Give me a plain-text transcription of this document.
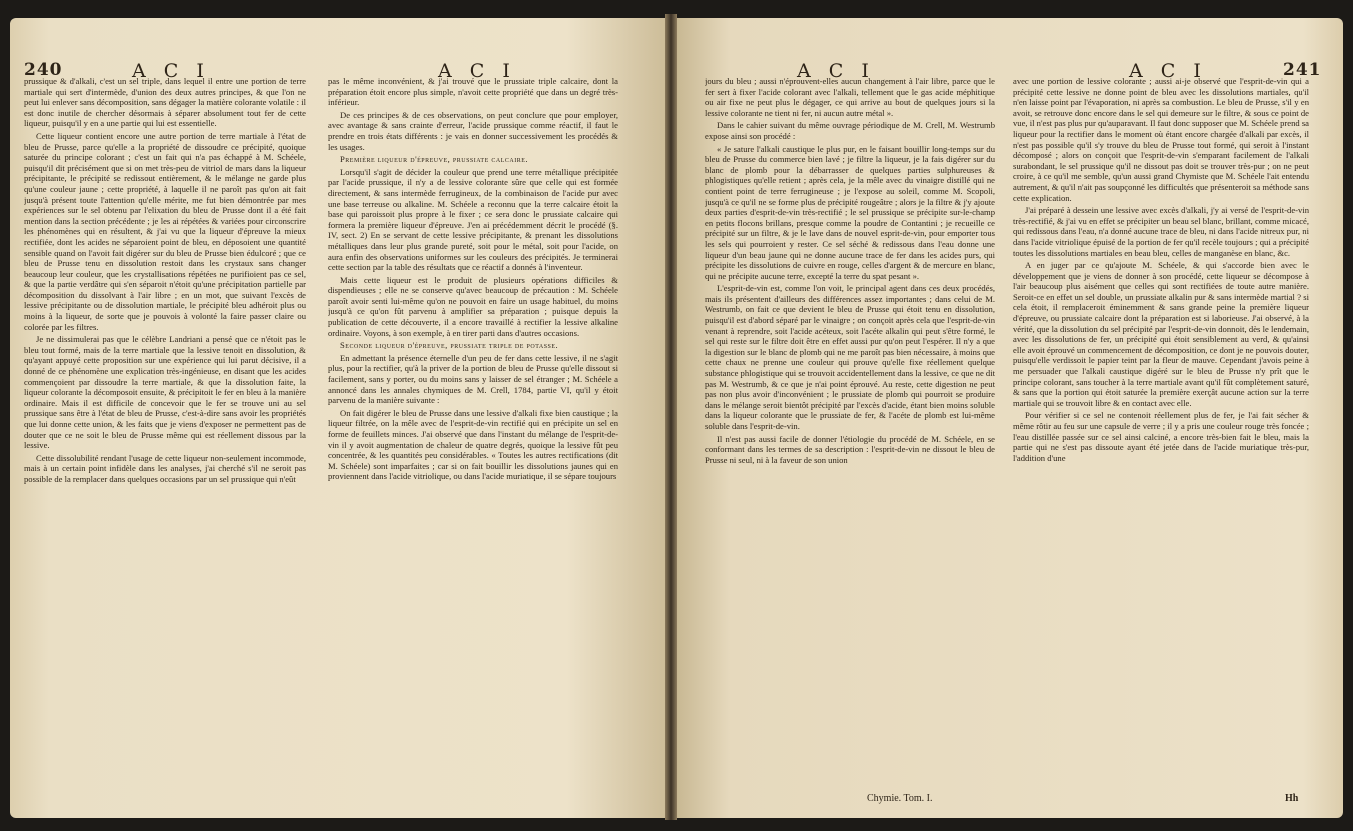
240	A C I	A C I

prussique & d'alkali, c'est un sel triple, dans lequel il entre une portion de terre martiale qui sert d'intermède, d'union des deux autres principes, & que l'on ne peut lui enlever sans décomposition, sans dégager la matière colorante volatile : il est donc inutile de chercher désormais à séparer absolument tout fer de cette liqueur, puisqu'il y en a une partie qui lui est essentielle.

Cette liqueur contient encore une autre portion de terre martiale à l'état de bleu de Prusse, parce qu'elle a la propriété de dissoudre ce précipité, quoique saturée du principe colorant ; c'est un fait qui n'a pas échappé à M. Schéele, puisqu'il dit précisément que si on met très-peu de vitriol de mars dans la liqueur précipitante, le précipité se redissout entièrement, & le mélange ne garde plus qu'une couleur jaune ; cette propriété, à laquelle il ne paroît pas qu'on ait fait jusqu'à présent toute l'attention qu'elle mérite, me fut bien démontrée par mes expériences sur le sel obtenu par l'elixation du bleu de Prusse dont il a été fait mention dans la section précédente ; je les ai répétées & variées pour circonscrire les phénomènes qui en résultent, & j'ai vu que la liqueur d'épreuve la mieux rectifiée, dont les acides ne séparoient point de bleu, en déposoient une quantité sensible quand on l'avoit fait digérer sur du bleu de Prusse bien édulcoré ; que ce bleu de Prusse tenu en dissolution restoit dans les crystaux sans changer beaucoup leur couleur, que les crystallisations répétées ne purifioient pas ce sel, & que la partie verdâtre qui s'en séparoit n'étoit qu'une précipitation partielle par décomposition du dissolvant à l'air libre ; en un mot, que suivant l'excès de lessive précipitante ou de dissolution martiale, le précipité bleu adhéroit plus ou moins à la liqueur, de sorte que je pouvois à volonté la faire passer claire ou colorée par les filtres.

Je ne dissimulerai pas que le célèbre Landriani a pensé que ce n'étoit pas le bleu tout formé, mais de la terre martiale que la lessive tenoit en dissolution, & qu'ayant appuyé cette proposition sur une expérience qui lui parut décisive, il a donné de ce phénomène une explication très-ingénieuse, en disant que les acides commençoient par dissoudre la terre martiale, & que la dissolution faite, la liqueur colorante la décomposoit ensuite, & précipitoit le fer en bleu à la manière ordinaire. Mais il est difficile de concevoir que le fer se trouve uni au sel prussique sans être à l'état de bleu de Prusse, c'est-à-dire sans avoir les propriétés que lui donne cette union, & les faits que je viens d'exposer ne permettent pas de douter que ce ne soit le bleu de Prusse même qui est réellement dissous par la lessive.

Cette dissolubilité rendant l'usage de cette liqueur non-seulement incommode, mais à un certain point infidèle dans les analyses, j'ai cherché s'il ne seroit pas possible de la remplacer dans quelques occasions par un sel prussique qui n'eût

pas le même inconvénient, & j'ai trouvé que le prussiate triple calcaire, dont la préparation étoit encore plus simple, n'avoit cette propriété que dans un degré très-inférieur.

De ces principes & de ces observations, on peut conclure que pour employer, avec avantage & sans crainte d'erreur, l'acide prussique comme réactif, il faut le prendre en trois états différents : je vais en donner successivement les procédés & les usages.

Première liqueur d'épreuve, prussiate calcaire.

Lorsqu'il s'agit de décider la couleur que prend une terre métallique précipitée par l'acide prussique, il n'y a de lessive colorante sûre que celle qui est formée directement, & sans intermède ferrugineux, de la combinaison de l'acide pur avec une base terreuse ou alkaline. M. Schéele a reconnu que la terre calcaire étoit la base qui paroissoit plus propre à le fixer ; ce sera donc le prussiate calcaire qui formera la première liqueur d'épreuve. J'en ai précédemment décrit le procédé (§. IV, sect. 2) En se servant de cette lessive précipitante, & prenant les dissolutions métalliques dans leur plus grande pureté, soit pour le métal, soit pour l'acide, on aura enfin des observations uniformes sur les couleurs des précipités. Je terminerai cette section par la table des résultats que ce réactif a donnés à l'inventeur.

Mais cette liqueur est le produit de plusieurs opérations difficiles & dispendieuses ; elle ne se conserve qu'avec beaucoup de précaution : M. Schéele paroît avoir senti lui-même qu'on ne pouvoit en faire un usage habituel, du moins jusqu'à ce qu'on fût parvenu à amplifier sa préparation ; puisque depuis la publication de cette découverte, il a encore travaillé à rectifier la lessive alkaline ordinaire. Voyons, à son exemple, à en tirer parti dans d'autres occasions.

Seconde liqueur d'épreuve, prussiate triple de potasse.

En admettant la présence éternelle d'un peu de fer dans cette lessive, il ne s'agit plus, pour la rectifier, qu'à la priver de la portion de bleu de Prusse qu'elle dissout si facilement, sans y porter, ou du moins sans y laisser de sel étranger ; M. Schéele a annoncé dans les annales chymiques de M. Crell, 1784, partie VI, qu'il y étoit parvenu de la manière suivante :

On fait digérer le bleu de Prusse dans une lessive d'alkali fixe bien caustique ; la liqueur filtrée, on la mêle avec de l'esprit-de-vin rectifié qui en précipite un sel en forme de feuillets minces. J'ai observé que dans l'instant du mélange de l'esprit-de-vin il y avoit augmentation de chaleur de quatre degrés, quoique la lessive fût peu concentrée, & les quantités peu considérables. « Toutes les autres rectifications (dit M. Schéele) sont imparfaites ; car si on fait bouillir les dissolutions jaunes qui en proviennent dans l'acide vitriolique, ou dans l'acide muriatique, il se sépare toujours

A C I	A C I	241

jours du bleu ; aussi n'éprouvent-elles aucun changement à l'air libre, parce que le fer sert à fixer l'acide colorant avec l'alkali, tellement que le gas acide méphitique ou air fixe ne peut plus le dégager, ce qui arrive au bout de quelques jours si la lessive colorante ne tient ni fer, ni aucun autre métal ».

Dans le cahier suivant du même ouvrage périodique de M. Crell, M. Westrumb expose ainsi son procédé :

« Je sature l'alkali caustique le plus pur, en le faisant bouillir long-temps sur du bleu de Prusse du commerce bien lavé ; je filtre la liqueur, je la fais digérer sur du blanc de plomb pour la débarrasser de quelques parties sulphureuses & phlogistiques qu'elle retient ; après cela, je la mêle avec du vinaigre distillé qui ne contient point de terre ferrugineuse ; je l'expose au soleil, comme M. Scopoli, jusqu'à ce qu'il ne se forme plus de précipité rougeâtre ; alors je la filtre & j'y ajoute deux parties d'esprit-de-vin très-rectifié ; le sel prussique se précipite sur-le-champ en petits flocons brillans, presque comme la poudre de Contantini ; je recueille ce précipité sur un filtre, & je le lave dans de nouvel esprit-de-vin, pour emporter tous les sels qui pourroient y rester. Ce sel séché & redissous dans l'eau donne une liqueur d'un beau jaune qui ne donne aucune trace de fer dans les acides purs, qui précipite les dissolutions de cuivre en rouge, celles d'argent & de mercure en blanc, qui ne précipite aucune terre, excepté la terre du spat pesant ».

L'esprit-de-vin est, comme l'on voit, le principal agent dans ces deux procédés, mais ils présentent d'ailleurs des différences assez importantes ; dans celui de M. Westrumb, on fait ce que devient le bleu de Prusse qui étoit tenu en dissolution, puisqu'il est d'abord séparé par le vinaigre ; on conçoit après cela que l'esprit-de-vin venant à reprendre, soit l'acide acéteux, soit l'acéte alkalin qui peut s'être formé, le sel qui reste sur le filtre doit être en effet aussi pur qu'on peut l'espérer. Il n'y a que la digestion sur le blanc de plomb qui ne me paroît pas bien nécessaire, à moins que cette chaux ne prenne une couleur qui prouve qu'elle fixe réellement quelque substance phlogistique qui se trouvoit accidentellement dans la lessive, ce que ne dit pas M. Westrumb, & ce que je n'ai point éprouvé. Au reste, cette digestion ne peut pas non plus avoir d'inconvénient ; le prussiate de plomb qui pourroit se produire dans le mélange seroit bientôt précipité par l'excès d'acide, étant bien moins soluble dans la liqueur colorante que le prussiate de fer, & l'acéte de plomb est lui-même soluble dans l'esprit-de-vin.

Il n'est pas aussi facile de donner l'étiologie du procédé de M. Schéele, en se conformant dans les termes de sa description : l'esprit-de-vin ne dissout le bleu de Prusse ni seul, ni à la faveur de son union

avec une portion de lessive colorante ; aussi ai-je observé que l'esprit-de-vin qui a précipité cette lessive ne donne point de bleu avec les dissolutions martiales, qu'il n'en laisse point par l'évaporation, ni après sa combustion. Le bleu de Prusse, s'il y en avoit, se retrouve donc encore dans le sel qui demeure sur le filtre, & sous ce point de vue, il n'est pas plus pur qu'auparavant. Il faut donc supposer que M. Schéele prend sa liqueur pour la rectifier dans le moment où étant encore chargée d'alkali par excès, il n'est pas possible qu'il s'y trouve du bleu de Prusse tout formé, qui seroit à l'instant décomposé ; alors on conçoit que l'esprit-de-vin s'emparant facilement de l'alkali surabondant, le sel prussique qu'il ne dissout pas doit se trouver très-pur ; on ne peut croire, à ce qu'il me semble, qu'un aussi grand Chymiste que M. Schéele l'ait entendu autrement, & qu'il n'ait pas soupçonné les difficultés que présenteroit sa méthode sans cette explication.

J'ai préparé à dessein une lessive avec excès d'alkali, j'y ai versé de l'esprit-de-vin très-rectifié, & j'ai vu en effet se précipiter un beau sel blanc, brillant, comme micacé, qui redissous dans l'eau, n'a donné aucune trace de bleu, ni dans l'acide nitreux pur, ni dans l'acide vitriolique épuisé de la portion de fer qu'il recèle toujours ; qui a précipité toutes les dissolutions martiales en beau bleu, celles de manganèse en blanc, &c.

A en juger par ce qu'ajoute M. Schéele, & qui s'accorde bien avec le développement que je viens de donner à son procédé, cette liqueur se décompose à l'air beaucoup plus aisément que celles qui sont rectifiées de toute autre manière. Seroit-ce en effet un sel double, un prussiate alkalin pur & sans intermède martial ? si cela étoit, il remplaceroit éminemment & sans grande peine la première liqueur d'épreuve, ou prussiate calcaire dont la préparation est si laborieuse. J'ai observé, à la vérité, que la dissolution du sel précipité par l'esprit-de-vin donnoit, dès le lendemain, avec les dissolutions de fer, un précipité qui étoit sensiblement au verd, & qu'ainsi elle avoit éprouvé un commencement de décomposition, ce dont je ne pouvois douter, puisqu'elle verdissoit le papier teint par la fleur de mauve. Cependant j'avois peine à me persuader que l'alkali caustique digéré sur le bleu de Prusse n'y prît que le principe colorant, sans toucher à la terre martiale avant qu'il fût complètement saturé, & sans que la portion qui étoit saturée la première exerçât aucune action sur la terre martiale qui se trouvoit libre & en contact avec elle.

Pour vérifier si ce sel ne contenoit réellement plus de fer, je l'ai fait sécher & même rôtir au feu sur une capsule de verre ; il y a pris une couleur rouge très foncée ; l'eau distillée passée sur ce sel ainsi calciné, a encore très-bien fait le bleu, mais la partie qui ne s'est pas dissoute ayant été jetée dans de l'acide muriatique très-pur, l'addition d'une

Chymie. Tom. I.	Hh
